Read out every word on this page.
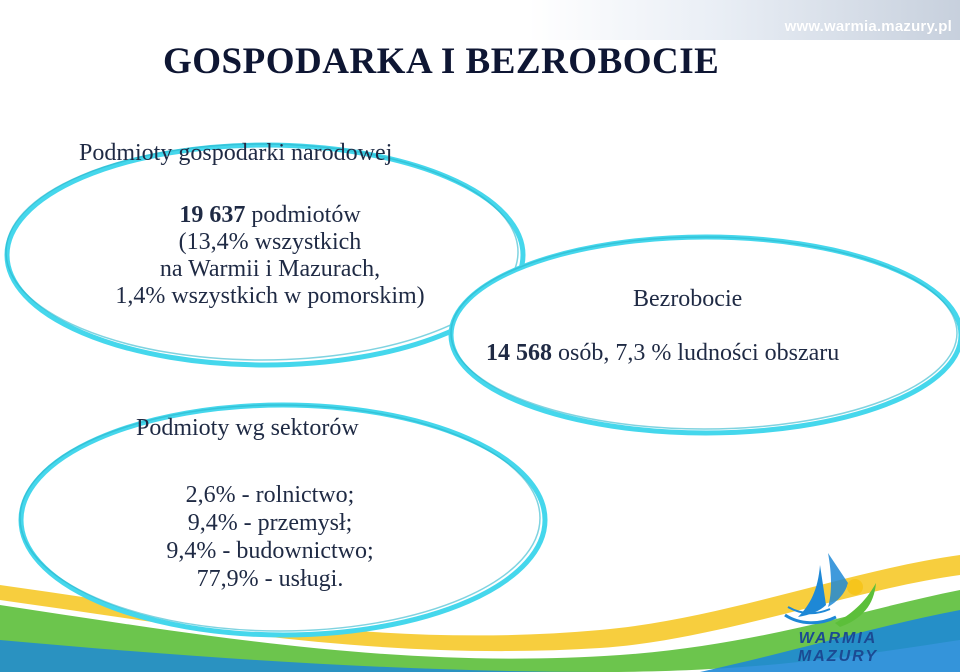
www.warmia.mazury.pl
GOSPODARKA I BEZROBOCIE
Podmioty gospodarki narodowej
19 637 podmiotów
(13,4% wszystkich
na Warmii i Mazurach,
1,4% wszystkich w pomorskim)	Bezrobocie
14 568 osób, 7,3 % ludności obszaru
Podmioty wg sektorów
2,6% - rolnictwo;
9,4% - przemysł;
9,4% - budownictwo;
77,9% - usługi.
WARMIA
MAZURY
